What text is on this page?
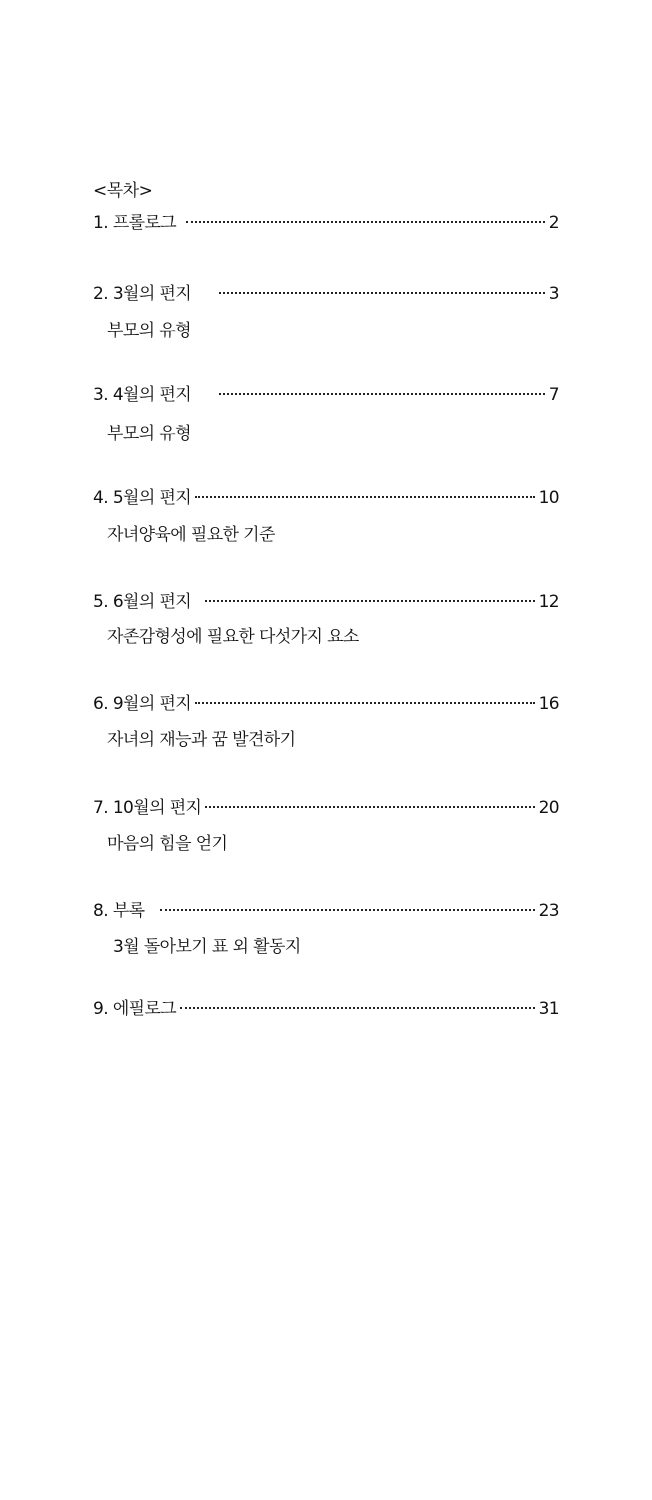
<목차>
1. 프롤로그	2
2. 3월의 편지	3
부모의 유형
3. 4월의 편지	7
부모의 유형
4. 5월의 편지	10
자녀양육에 필요한 기준
5. 6월의 편지	12
자존감형성에 필요한 다섯가지 요소
6. 9월의 편지	16
자녀의 재능과 꿈 발견하기
7. 10월의 편지	20
마음의 힘을 얻기
8. 부록	23
3월 돌아보기 표 외 활동지
9. 에필로그	31
